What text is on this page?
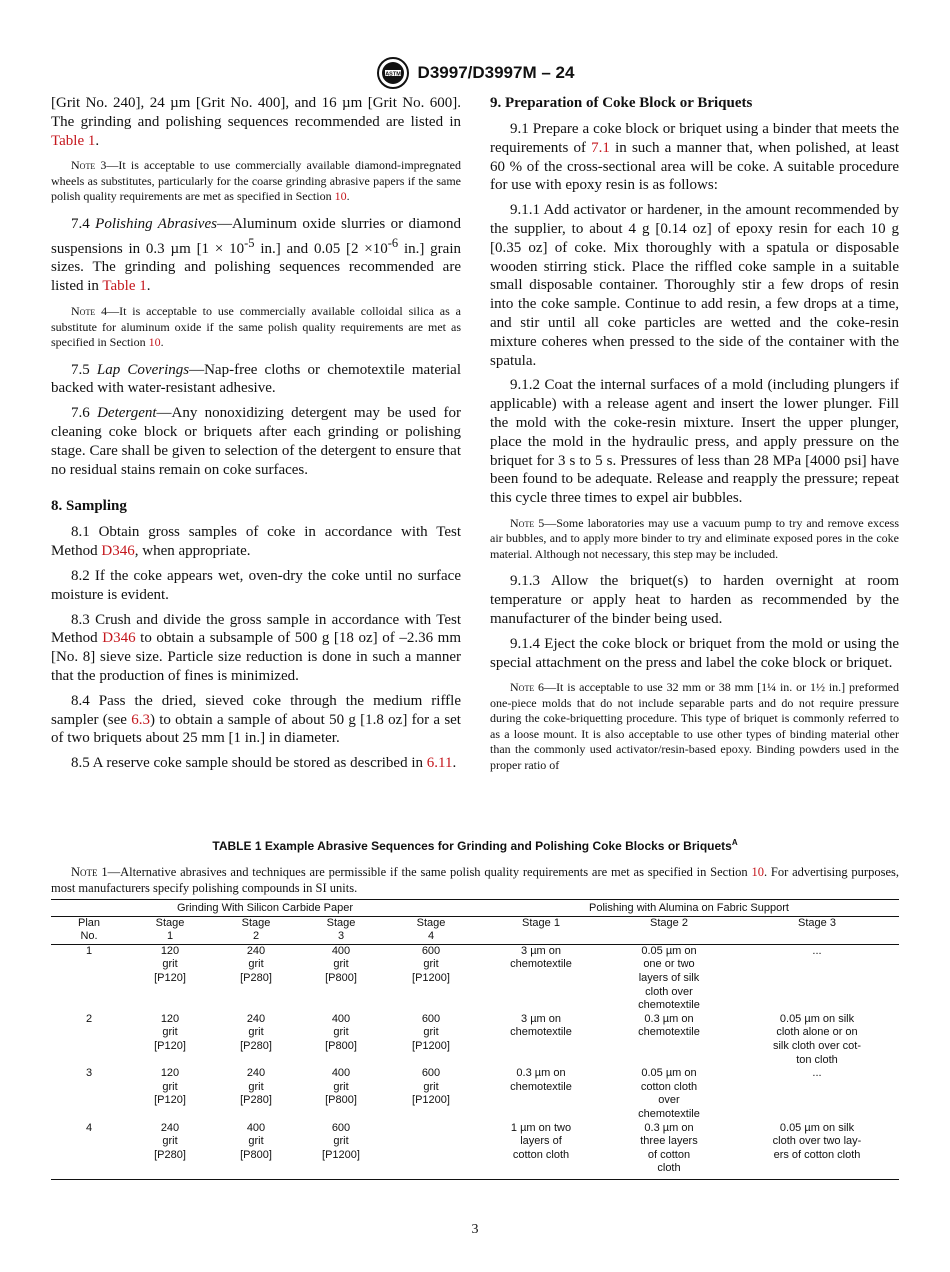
ASTM D3997/D3997M – 24

[Grit No. 240], 24 µm [Grit No. 400], and 16 µm [Grit No. 600]. The grinding and polishing sequences recommended are listed in Table 1.

Note 3—It is acceptable to use commercially available diamond-impregnated wheels as substitutes, particularly for the coarse grinding abrasive papers if the same polish quality requirements are met as specified in Section 10.

7.4 Polishing Abrasives—Aluminum oxide slurries or diamond suspensions in 0.3 µm [$1 \times 10^{-5}$ in.] and 0.05 [$2 \times 10^{-6}$ in.] grain sizes. The grinding and polishing sequences recommended are listed in Table 1.

Note 4—It is acceptable to use commercially available colloidal silica as a substitute for aluminum oxide if the same polish quality requirements are met as specified in Section 10.

7.5 Lap Coverings—Nap-free cloths or chemotextile material backed with water-resistant adhesive.

7.6 Detergent—Any nonoxidizing detergent may be used for cleaning coke block or briquets after each grinding or polishing stage. Care shall be given to selection of the detergent to ensure that no residual stains remain on coke surfaces.

8. Sampling

8.1 Obtain gross samples of coke in accordance with Test Method D346, when appropriate.

8.2 If the coke appears wet, oven-dry the coke until no surface moisture is evident.

8.3 Crush and divide the gross sample in accordance with Test Method D346 to obtain a subsample of 500 g [18 oz] of –2.36 mm [No. 8] sieve size. Particle size reduction is done in such a manner that the production of fines is minimized.

8.4 Pass the dried, sieved coke through the medium riffle sampler (see 6.3) to obtain a sample of about 50 g [1.8 oz] for a set of two briquets about 25 mm [1 in.] in diameter.

8.5 A reserve coke sample should be stored as described in 6.11.

9. Preparation of Coke Block or Briquets

9.1 Prepare a coke block or briquet using a binder that meets the requirements of 7.1 in such a manner that, when polished, at least 60 % of the cross-sectional area will be coke. A suitable procedure for use with epoxy resin is as follows:

9.1.1 Add activator or hardener, in the amount recommended by the supplier, to about 4 g [0.14 oz] of epoxy resin for each 10 g [0.35 oz] of coke. Mix thoroughly with a spatula or disposable wooden stirring stick. Place the riffled coke sample in a suitable small disposable container. Thoroughly stir a few drops of resin into the coke sample. Continue to add resin, a few drops at a time, and stir until all coke particles are wetted and the coke-resin mixture coheres when pressed to the side of the container with the spatula.

9.1.2 Coat the internal surfaces of a mold (including plungers if applicable) with a release agent and insert the lower plunger. Fill the mold with the coke-resin mixture. Insert the upper plunger, place the mold in the hydraulic press, and apply pressure on the briquet for 3 s to 5 s. Pressures of less than 28 MPa [4000 psi] have been found to be adequate. Release and reapply the pressure; repeat this cycle three times to expel air bubbles.

Note 5—Some laboratories may use a vacuum pump to try and remove excess air bubbles, and to apply more binder to try and eliminate exposed pores in the coke material. Although not necessary, this step may be included.

9.1.3 Allow the briquet(s) to harden overnight at room temperature or apply heat to harden as recommended by the manufacturer of the binder being used.

9.1.4 Eject the coke block or briquet from the mold or using the special attachment on the press and label the coke block or briquet.

Note 6—It is acceptable to use 32 mm or 38 mm [1¼ in. or 1½ in.] preformed one-piece molds that do not include separable parts and do not require pressure during the coke-briquetting procedure. This type of briquet is commonly referred to as a loose mount. It is also acceptable to use other types of binding material other than the commonly used activator/resin-based epoxy. Binding powders used in the proper ratio of

TABLE 1 Example Abrasive Sequences for Grinding and Polishing Coke Blocks or Briquets$^A$

Note 1—Alternative abrasives and techniques are permissible if the same polish quality requirements are met as specified in Section 10. For advertising purposes, most manufacturers specify polishing compounds in SI units.

Grinding With Silicon Carbide Paper					Polishing with Alumina on Fabric Support		

Plan
No.	Stage
1	Stage
2	Stage
3	Stage
4	Stage 1	Stage 2	Stage 3

1	120
grit
[P120]	240
grit
[P280]	400
grit
[P800]	600
grit
[P1200]	3 µm on
chemotextile	0.05 µm on
one or two
layers of silk
cloth over
chemotextile	...

2	120
grit
[P120]	240
grit
[P280]	400
grit
[P800]	600
grit
[P1200]	3 µm on
chemotextile	0.3 µm on
chemotextile	0.05 µm on silk
cloth alone or on
silk cloth over cot-
ton cloth

3	120
grit
[P120]	240
grit
[P280]	400
grit
[P800]	600
grit
[P1200]	0.3 µm on
chemotextile	0.05 µm on
cotton cloth
over
chemotextile	...

4	240
grit
[P280]	400
grit
[P800]	600
grit
[P1200]		1 µm on two
layers of
cotton cloth	0.3 µm on
three layers
of cotton
cloth	0.05 µm on silk
cloth over two lay-
ers of cotton cloth
3
